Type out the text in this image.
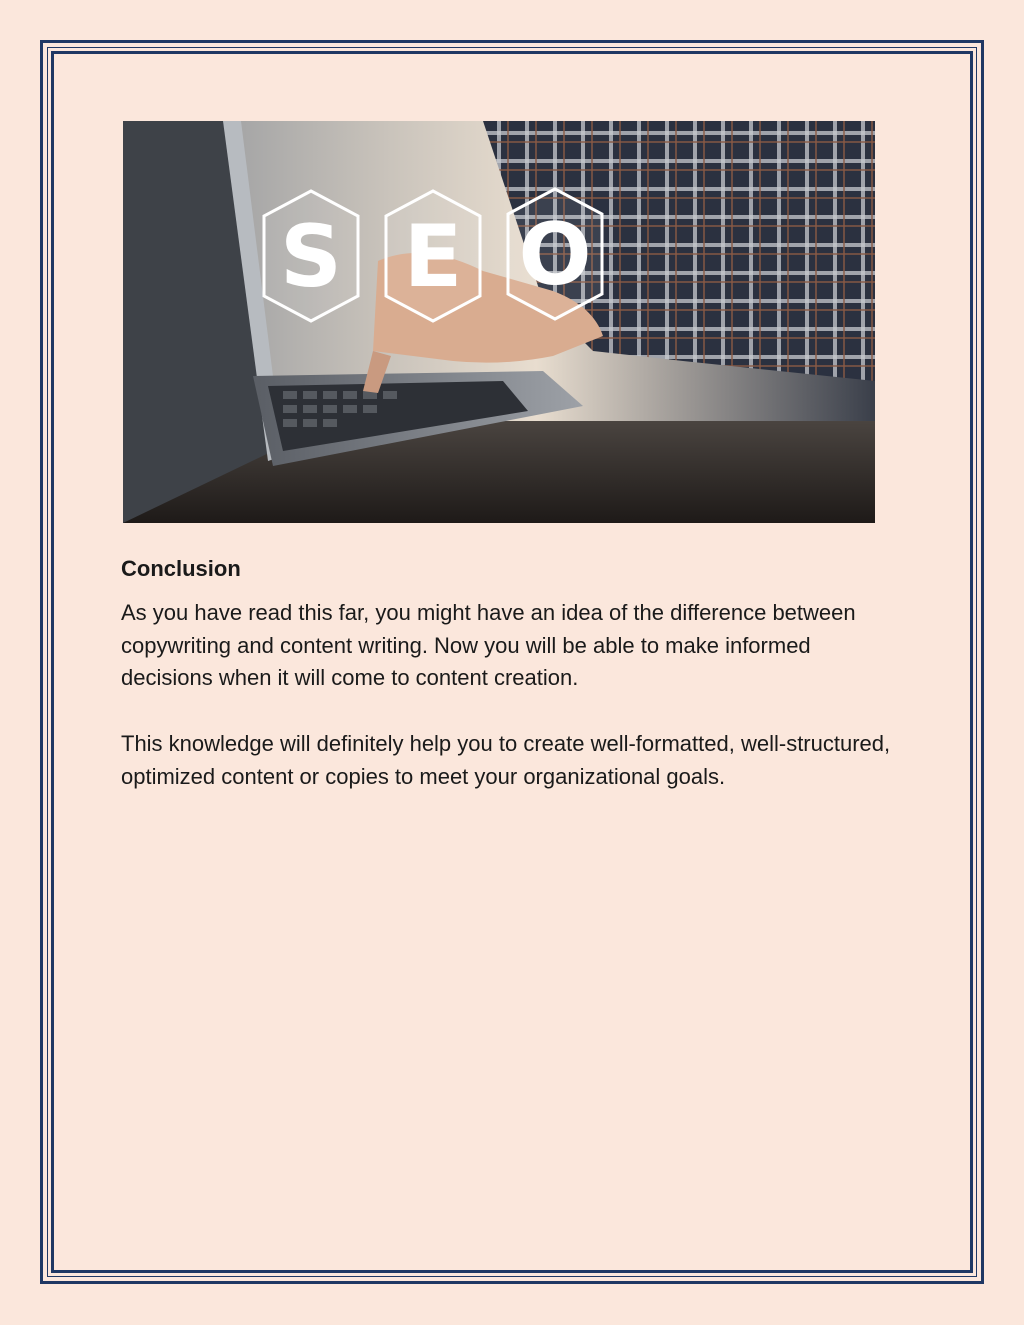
S E O
Conclusion

As you have read this far, you might have an idea of the difference between copywriting and content writing. Now you will be able to make informed decisions when it will come to content creation.

This knowledge will definitely help you to create well-formatted, well-structured, optimized content or copies to meet your organizational goals.
